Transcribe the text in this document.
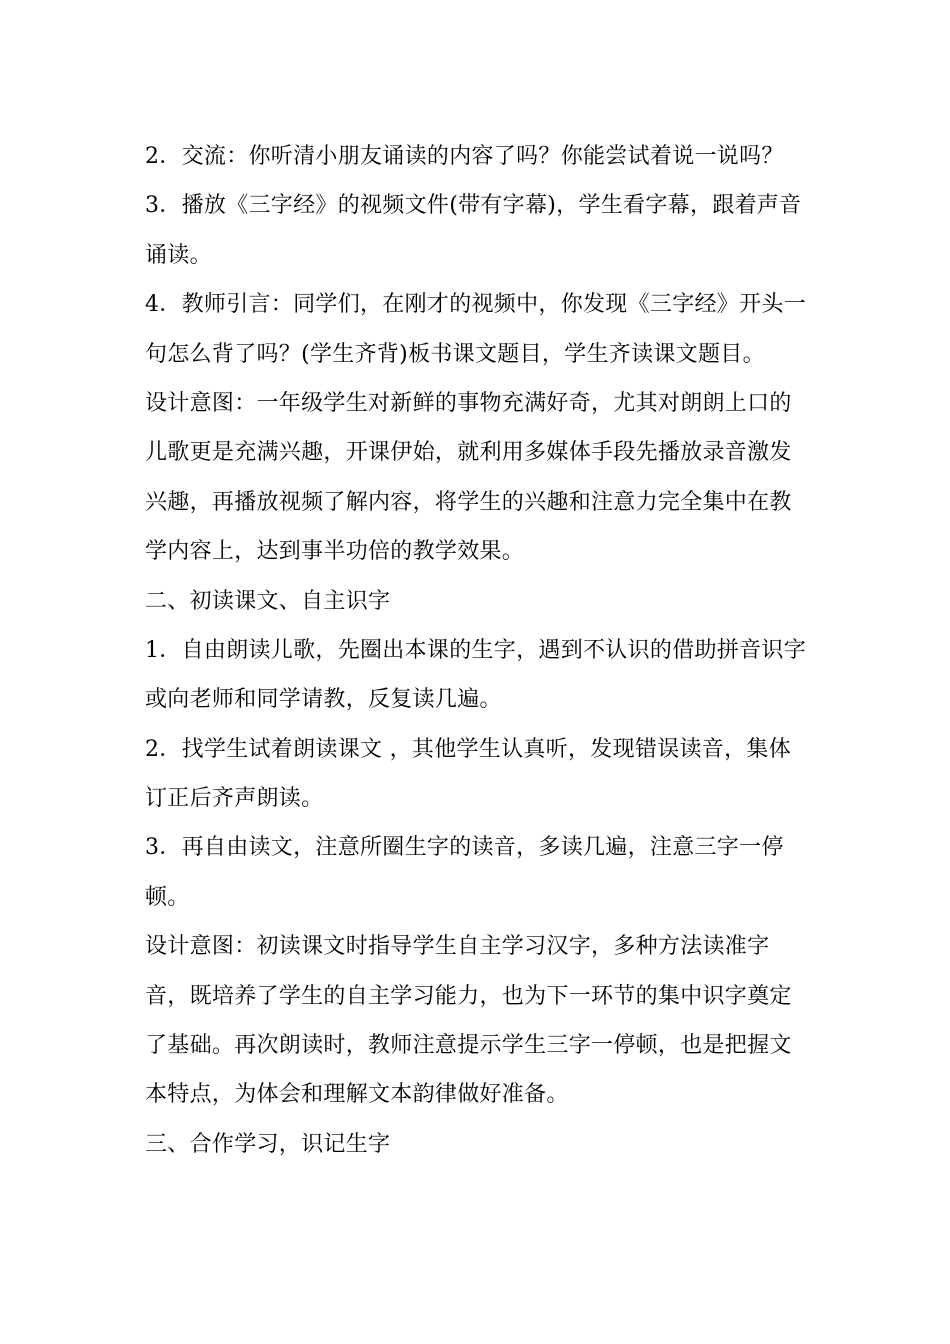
2．交流：你听清小朋友诵读的内容了吗？你能尝试着说一说吗？
3．播放《三字经》的视频文件(带有字幕)，学生看字幕，跟着声音
诵读。
4．教师引言：同学们，在刚才的视频中，你发现《三字经》开头一
句怎么背了吗？(学生齐背)板书课文题目，学生齐读课文题目。
设计意图：一年级学生对新鲜的事物充满好奇，尤其对朗朗上口的
儿歌更是充满兴趣，开课伊始，就利用多媒体手段先播放录音激发
兴趣，再播放视频了解内容，将学生的兴趣和注意力完全集中在教
学内容上，达到事半功倍的教学效果。
二、初读课文、自主识字
1．自由朗读儿歌，先圈出本课的生字，遇到不认识的借助拼音识字
或向老师和同学请教，反复读几遍。
2．找学生试着朗读课文 ，其他学生认真听，发现错误读音，集体
订正后齐声朗读。
3．再自由读文，注意所圈生字的读音，多读几遍，注意三字一停
顿。
设计意图：初读课文时指导学生自主学习汉字，多种方法读准字
音，既培养了学生的自主学习能力，也为下一环节的集中识字奠定
了基础。再次朗读时，教师注意提示学生三字一停顿，也是把握文
本特点，为体会和理解文本韵律做好准备。
三、合作学习，识记生字
